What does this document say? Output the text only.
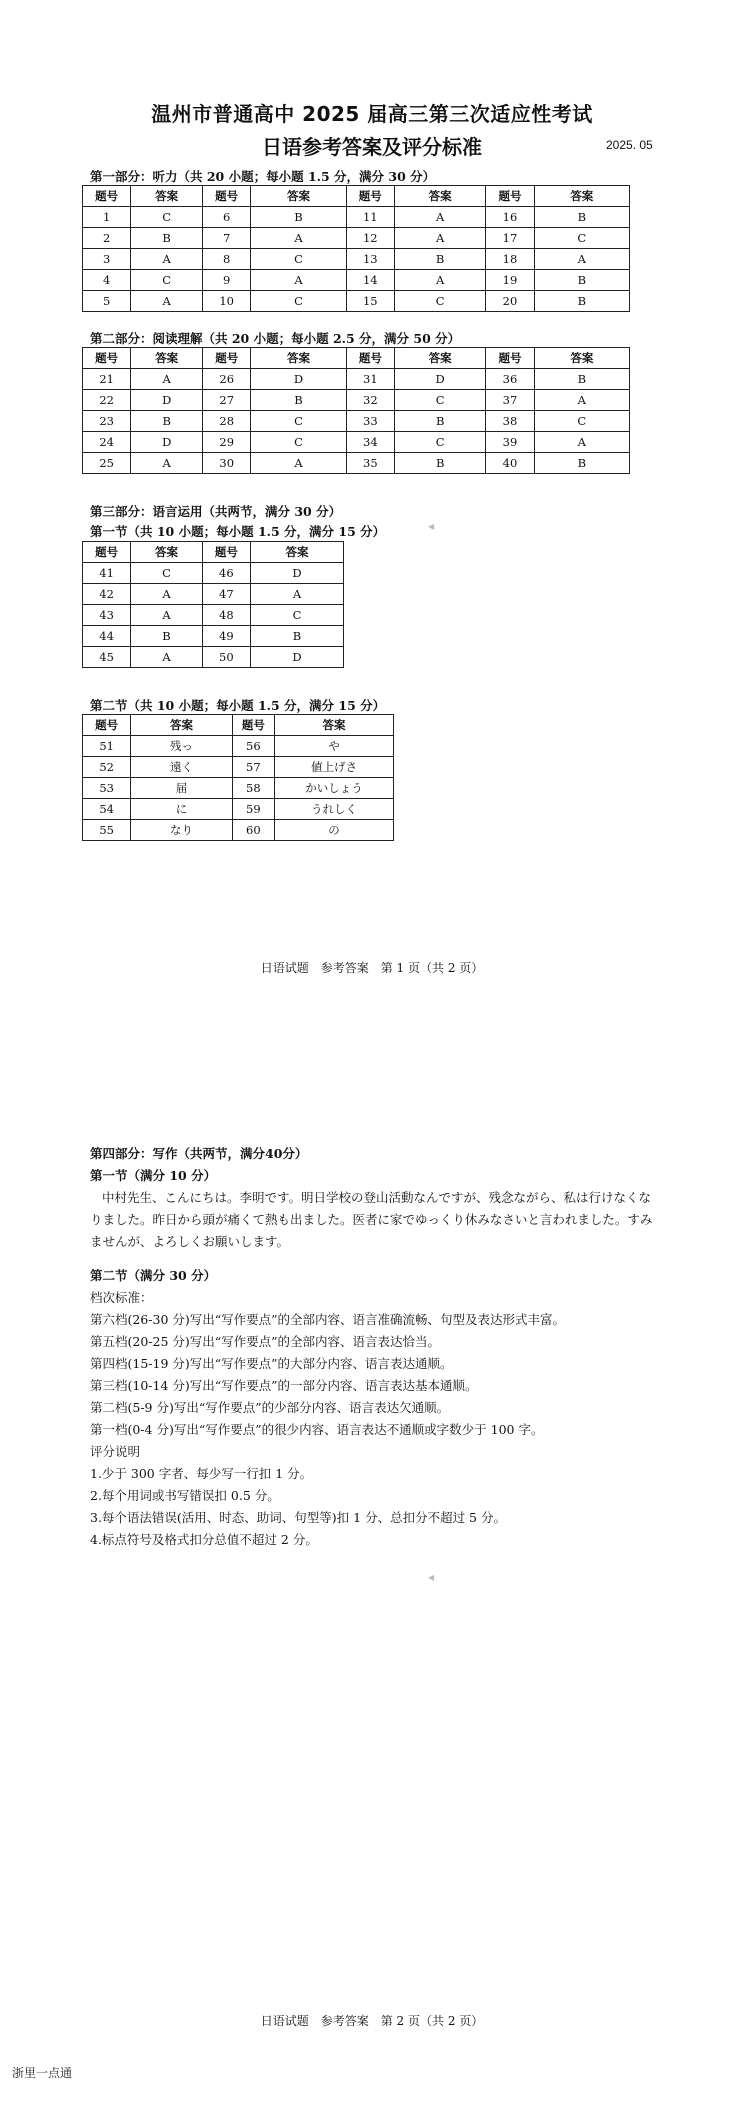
温州市普通高中 2025 届高三第三次适应性考试
日语参考答案及评分标准	2025. 05
第一部分：听力（共 20 小题；每小题 1.5 分，满分 30 分）
题号	答案	题号	答案	题号	答案	题号	答案
1	C	6	B	11	A	16	B
2	B	7	A	12	A	17	C
3	A	8	C	13	B	18	A
4	C	9	A	14	A	19	B
5	A	10	C	15	C	20	B
第二部分：阅读理解（共 20 小题；每小题 2.5 分，满分 50 分）
题号	答案	题号	答案	题号	答案	题号	答案
21	A	26	D	31	D	36	B
22	D	27	B	32	C	37	A
23	B	28	C	33	B	38	C
24	D	29	C	34	C	39	A
25	A	30	A	35	B	40	B
第三部分：语言运用（共两节，满分 30 分）
第一节（共 10 小题；每小题 1.5 分，满分 15 分）
题号	答案	题号	答案
41	C	46	D
42	A	47	A
43	A	48	C
44	B	49	B
45	A	50	D
第二节（共 10 小题；每小题 1.5 分，满分 15 分）
题号	答案	题号	答案
51	残っ	56	や
52	遠く	57	値上げさ
53	届	58	かいしょう
54	に	59	うれしく
55	なり	60	の
◀
日语试题　参考答案　第 1 页（共 2 页）

第四部分：写作（共两节，满分40分）

第一节（满分 10 分）

中村先生、こんにちは。李明です。明日学校の登山活動なんですが、残念ながら、私は行けなくなりました。昨日から頭が痛くて熱も出ました。医者に家でゆっくり休みなさいと言われました。すみませんが、よろしくお願いします。

第二节（满分 30 分）

档次标准：

第六档(26-30 分)写出“写作要点”的全部内容、语言准确流畅、句型及表达形式丰富。

第五档(20-25 分)写出“写作要点”的全部内容、语言表达恰当。

第四档(15-19 分)写出“写作要点”的大部分内容、语言表达通顺。

第三档(10-14 分)写出“写作要点”的一部分内容、语言表达基本通顺。

第二档(5-9 分)写出“写作要点”的少部分内容、语言表达欠通顺。

第一档(0-4 分)写出“写作要点”的很少内容、语言表达不通顺或字数少于 100 字。

评分说明

1.少于 300 字者、每少写一行扣 1 分。

2.每个用词或书写错误扣 0.5 分。

3.每个语法错误(活用、时态、助词、句型等)扣 1 分、总扣分不超过 5 分。

4.标点符号及格式扣分总值不超过 2 分。

◀
日语试题　参考答案　第 2 页（共 2 页）
浙里一点通
